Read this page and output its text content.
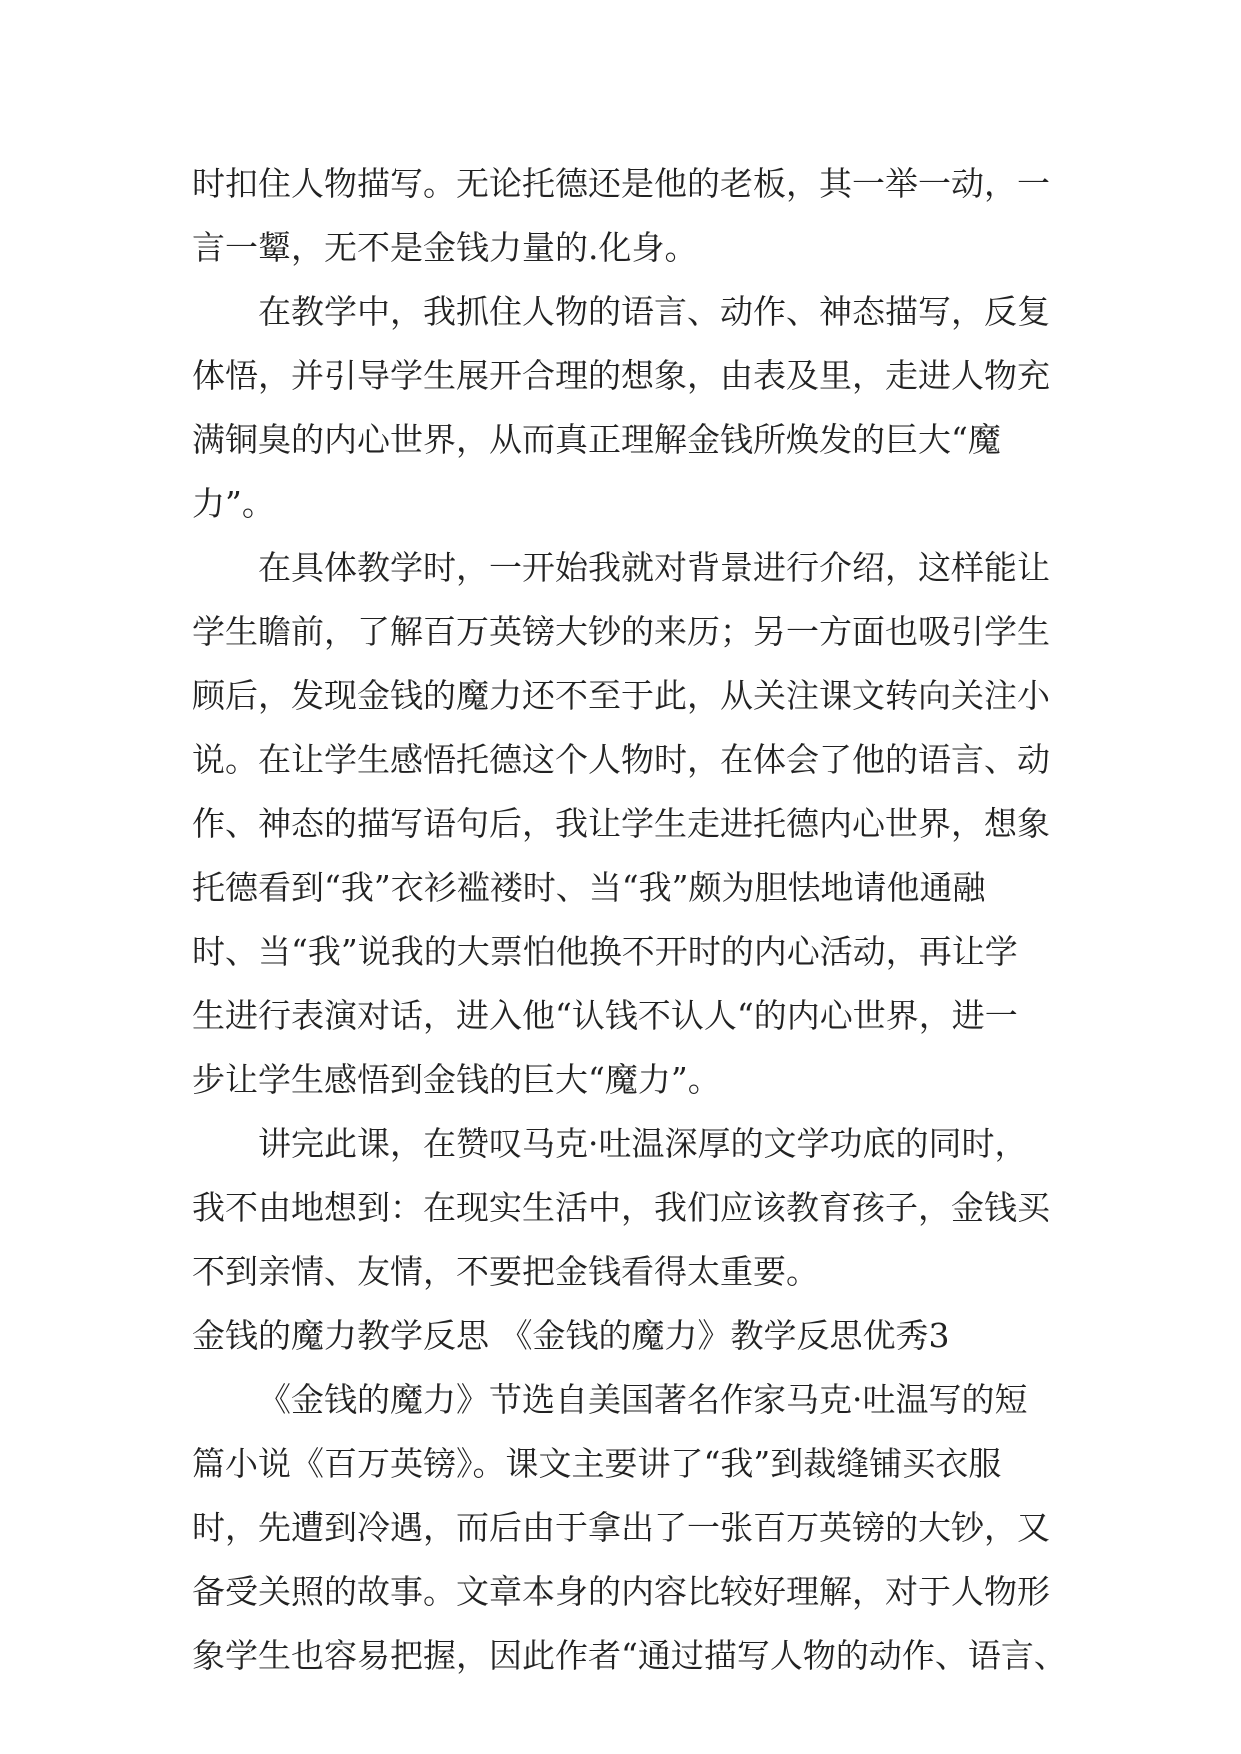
时扣住人物描写。无论托德还是他的老板，其一举一动，一
言一颦，无不是金钱力量的.化身。
在教学中，我抓住人物的语言、动作、神态描写，反复
体悟，并引导学生展开合理的想象，由表及里，走进人物充
满铜臭的内心世界，从而真正理解金钱所焕发的巨大“魔
力”。
在具体教学时，一开始我就对背景进行介绍，这样能让
学生瞻前，了解百万英镑大钞的来历；另一方面也吸引学生
顾后，发现金钱的魔力还不至于此，从关注课文转向关注小
说。在让学生感悟托德这个人物时，在体会了他的语言、动
作、神态的描写语句后，我让学生走进托德内心世界，想象
托德看到“我”衣衫褴褛时、当“我”颇为胆怯地请他通融
时、当“我”说我的大票怕他换不开时的内心活动，再让学
生进行表演对话，进入他“认钱不认人“的内心世界，进一
步让学生感悟到金钱的巨大“魔力”。
讲完此课，在赞叹马克·吐温深厚的文学功底的同时，
我不由地想到：在现实生活中，我们应该教育孩子，金钱买
不到亲情、友情，不要把金钱看得太重要。
金钱的魔力教学反思 《金钱的魔力》教学反思优秀3
《金钱的魔力》节选自美国著名作家马克·吐温写的短
篇小说《百万英镑》。课文主要讲了“我”到裁缝铺买衣服
时，先遭到冷遇，而后由于拿出了一张百万英镑的大钞，又
备受关照的故事。文章本身的内容比较好理解，对于人物形
象学生也容易把握，因此作者“通过描写人物的动作、语言、
